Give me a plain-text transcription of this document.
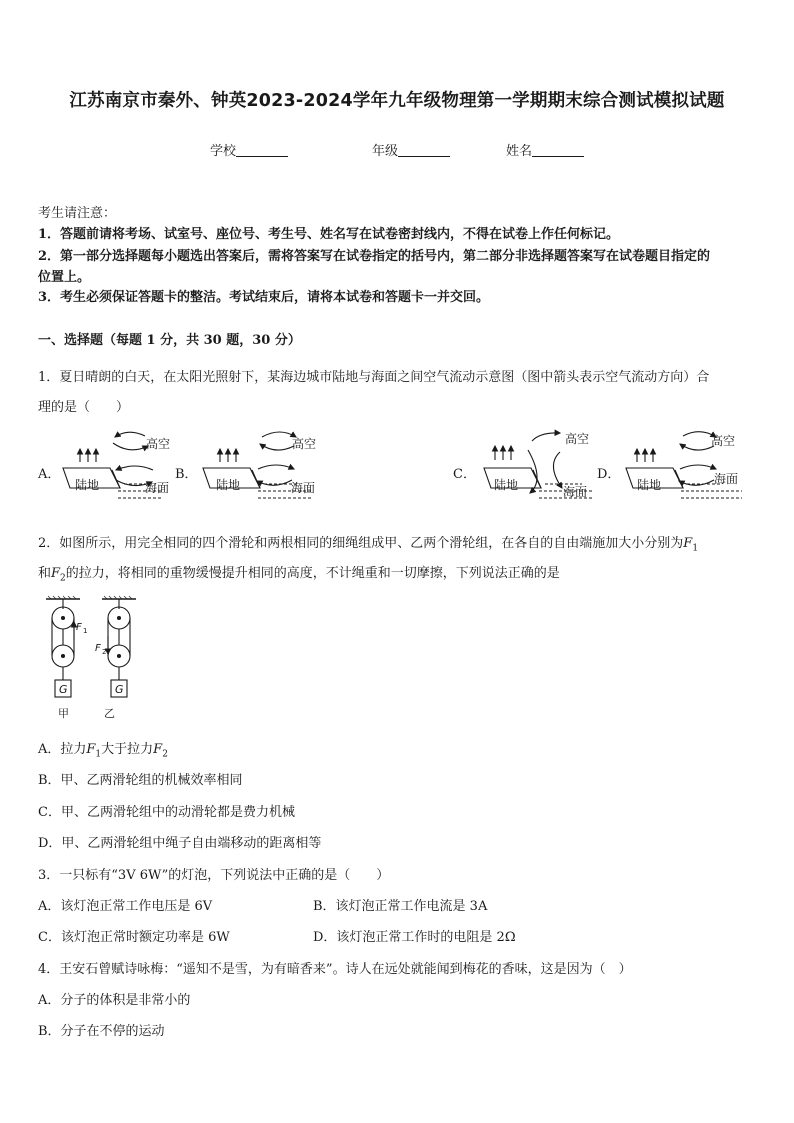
江苏南京市秦外、钟英2023-2024学年九年级物理第一学期期末综合测试模拟试题
学校	年级	姓名
考生请注意：
1．答题前请将考场、试室号、座位号、考生号、姓名写在试卷密封线内，不得在试卷上作任何标记。
2．第一部分选择题每小题选出答案后，需将答案写在试卷指定的括号内，第二部分非选择题答案写在试卷题目指定的
位置上。
3．考生必须保证答题卡的整洁。考试结束后，请将本试卷和答题卡一并交回。
一、选择题（每题 1 分，共 30 题，30 分）
1．夏日晴朗的白天，在太阳光照射下，某海边城市陆地与海面之间空气流动示意图（图中箭头表示空气流动方向）合
理的是（　　）
A．	B．	C．	D．
高空
陆地	海面
高空
陆地	海面
高空
陆地	海面
高空
陆地	海面
G	G
F 1
F 2
甲	乙
2．如图所示，用完全相同的四个滑轮和两根相同的细绳组成甲、乙两个滑轮组，在各自的自由端施加大小分别为$F_1$
和$F_2$的拉力，将相同的重物缓慢提升相同的高度，不计绳重和一切摩擦，下列说法正确的是
A．拉力$F_1$大于拉力$F_2$
B．甲、乙两滑轮组的机械效率相同
C．甲、乙两滑轮组中的动滑轮都是费力机械
D．甲、乙两滑轮组中绳子自由端移动的距离相等
3．一只标有“3V 6W”的灯泡，下列说法中正确的是（　　）
A．该灯泡正常工作电压是 6V	B．该灯泡正常工作电流是 3A
C．该灯泡正常时额定功率是 6W	D．该灯泡正常工作时的电阻是 2Ω
4．王安石曾赋诗咏梅：“遥知不是雪，为有暗香来”。诗人在远处就能闻到梅花的香味，这是因为（　）
A．分子的体积是非常小的
B．分子在不停的运动
